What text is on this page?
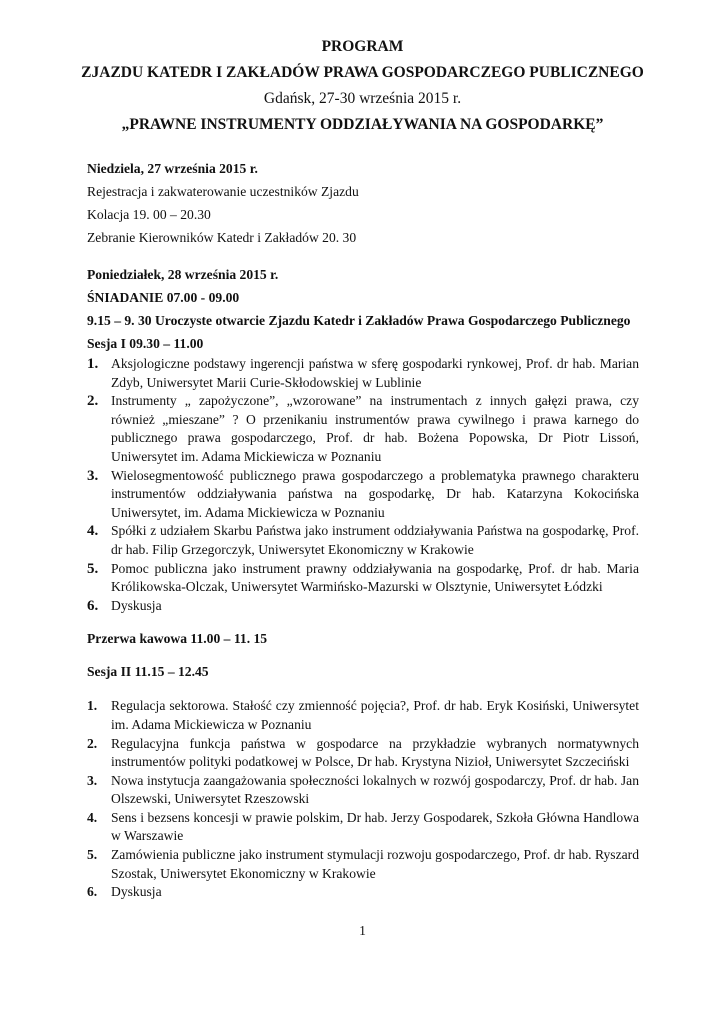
PROGRAM
ZJAZDU KATEDR I ZAKŁADÓW PRAWA GOSPODARCZEGO PUBLICZNEGO
Gdańsk, 27-30 września 2015 r.
„PRAWNE INSTRUMENTY ODDZIAŁYWANIA NA GOSPODARKĘ”
Niedziela, 27 września 2015 r.
Rejestracja i zakwaterowanie uczestników Zjazdu
Kolacja 19. 00 – 20.30
Zebranie Kierowników Katedr i Zakładów 20. 30
Poniedziałek, 28 września 2015 r.
ŚNIADANIE 07.00 - 09.00
9.15 – 9. 30 Uroczyste otwarcie Zjazdu Katedr i Zakładów Prawa Gospodarczego Publicznego
Sesja I 09.30 – 11.00
1. Aksjologiczne podstawy ingerencji państwa w sferę gospodarki rynkowej, Prof. dr hab. Marian Zdyb, Uniwersytet Marii Curie-Skłodowskiej w Lublinie
2. Instrumenty „ zapożyczone”, „wzorowane” na instrumentach z innych gałęzi prawa, czy również „mieszane” ? O przenikaniu instrumentów prawa cywilnego i prawa karnego do publicznego prawa gospodarczego, Prof. dr hab. Bożena Popowska, Dr Piotr Lissoń, Uniwersytet im. Adama Mickiewicza w Poznaniu
3. Wielosegmentowość publicznego prawa gospodarczego a problematyka prawnego charakteru instrumentów oddziaływania państwa na gospodarkę, Dr hab. Katarzyna Kokocińska Uniwersytet, im. Adama Mickiewicza w Poznaniu
4. Spółki z udziałem Skarbu Państwa jako instrument oddziaływania Państwa na gospodarkę, Prof. dr hab. Filip Grzegorczyk, Uniwersytet Ekonomiczny w Krakowie
5. Pomoc publiczna jako instrument prawny oddziaływania na gospodarkę, Prof. dr hab. Maria Królikowska-Olczak, Uniwersytet Warmińsko-Mazurski w Olsztynie, Uniwersytet Łódzki
6. Dyskusja
Przerwa kawowa 11.00 – 11. 15
Sesja II 11.15 – 12.45
1. Regulacja sektorowa. Stałość czy zmienność pojęcia?, Prof. dr hab. Eryk Kosiński, Uniwersytet im. Adama Mickiewicza w Poznaniu
2. Regulacyjna funkcja państwa w gospodarce na przykładzie wybranych normatywnych instrumentów polityki podatkowej w Polsce, Dr hab. Krystyna Nizioł, Uniwersytet Szczeciński
3. Nowa instytucja zaangażowania społeczności lokalnych w rozwój gospodarczy, Prof. dr hab. Jan Olszewski, Uniwersytet Rzeszowski
4. Sens i bezsens koncesji w prawie polskim, Dr hab. Jerzy Gospodarek, Szkoła Główna Handlowa w Warszawie
5. Zamówienia publiczne jako instrument stymulacji rozwoju gospodarczego, Prof. dr hab. Ryszard Szostak, Uniwersytet Ekonomiczny w Krakowie
6. Dyskusja
1
